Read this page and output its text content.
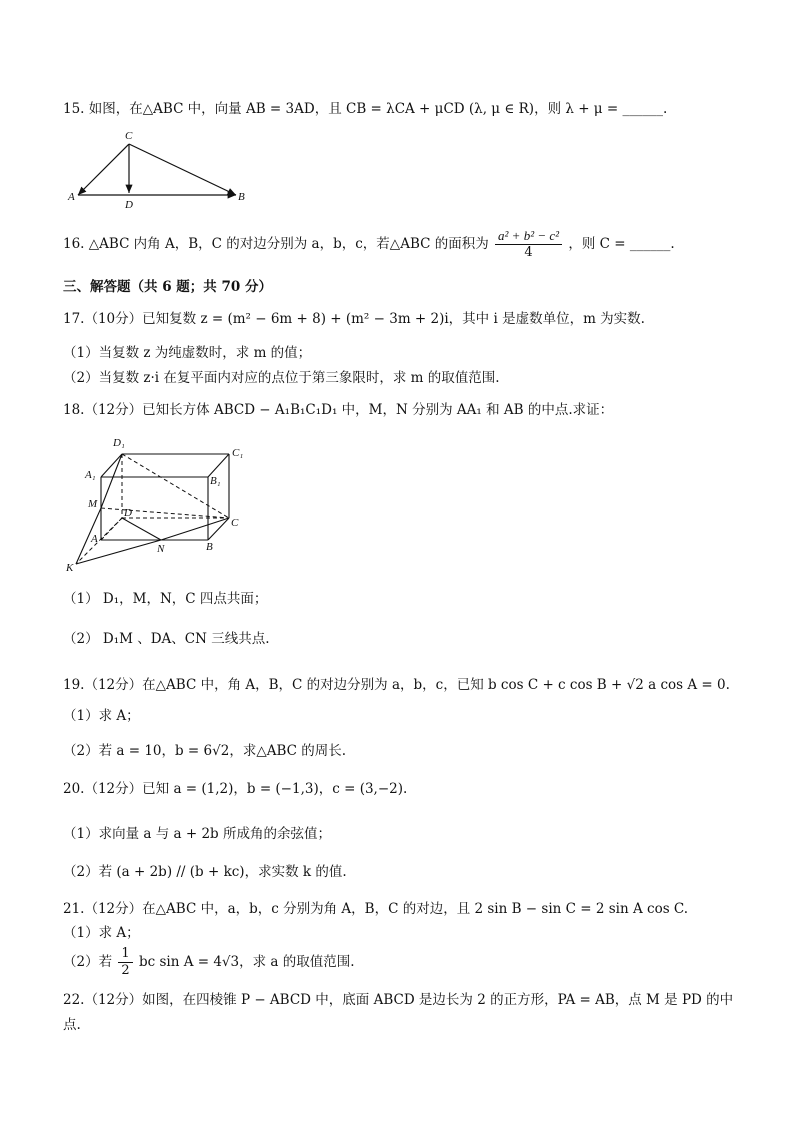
15. 如图，在△ABC 中，向量 AB = 3AD，且 CB = λCA + μCD (λ, μ ∈ R)，则 λ + μ = ______.
C
A
D
B
16. △ABC 内角 A，B，C 的对边分别为 a，b，c，若△ABC 的面积为 $\frac{\text{a² + b² − c²}}{4}$ ，则 C = ______.
三、解答题（共 6 题；共 70 分）
17.（10分）已知复数 z = (m² − 6m + 8) + (m² − 3m + 2)i，其中 i 是虚数单位，m 为实数.
（1）当复数 z 为纯虚数时，求 m 的值；
（2）当复数 z·i 在复平面内对应的点位于第三象限时，求 m 的取值范围.
18.（12分）已知长方体 ABCD − A₁B₁C₁D₁ 中，M，N 分别为 AA₁ 和 AB 的中点.求证：
D₁
C₁
A₁	B₁
M
D
C
A
N	B
K
（1） D₁，M，N，C 四点共面；
（2） D₁M 、DA、CN 三线共点.
19.（12分）在△ABC 中，角 A，B，C 的对边分别为 a，b，c，已知 b cos C + c cos B + √2 a cos A = 0.
（1）求 A；
（2）若 a = 10，b = 6√2，求△ABC 的周长.
20.（12分）已知 a = (1,2)，b = (−1,3)，c = (3,−2).
（1）求向量 a 与 a + 2b 所成角的余弦值；
（2）若 (a + 2b) // (b + kc)，求实数 k 的值.
21.（12分）在△ABC 中，a，b，c 分别为角 A，B，C 的对边，且 2 sin B − sin C = 2 sin A cos C.
（1）求 A；
（2）若 $\frac{1}{2}$ bc sin A = 4√3，求 a 的取值范围.
22.（12分）如图，在四棱锥 P − ABCD 中，底面 ABCD 是边长为 2 的正方形，PA = AB，点 M 是 PD 的中
点.
